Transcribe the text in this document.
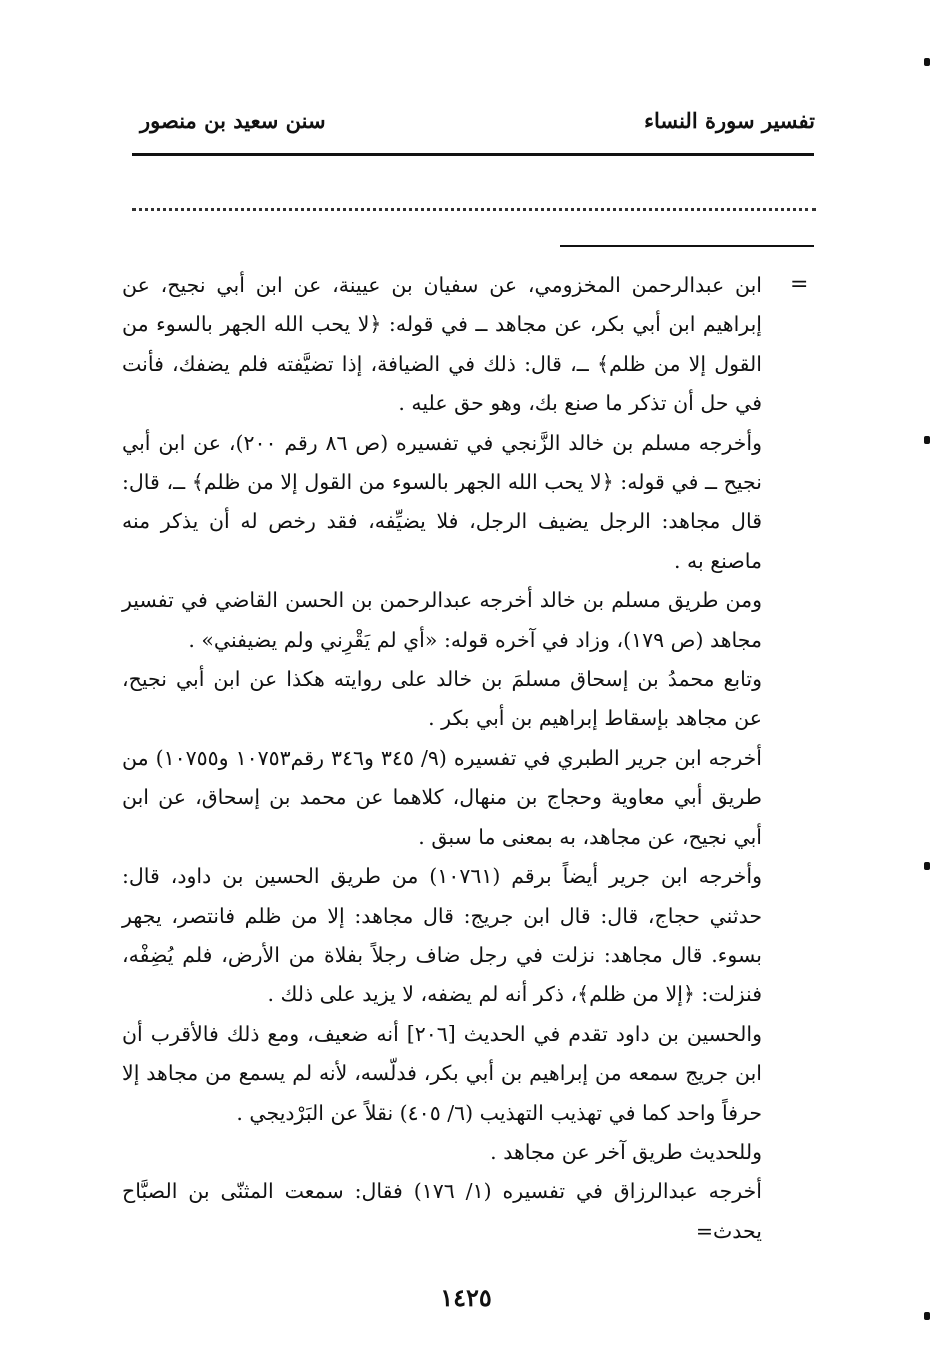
تفسير سورة النساء
سنن سعيد بن منصور
=

ابن عبدالرحمن المخزومي، عن سفيان بن عيينة، عن ابن أبي نجيح، عن إبراهيم ابن أبي بكر، عن مجاهد ــ في قوله: ﴿لا يحب الله الجهر بالسوء من القول إلا من ظلم﴾ ــ، قال: ذلك في الضيافة، إذا تضيَّفته فلم يضفك، فأنت في حل أن تذكر ما صنع بك، وهو حق عليه .

وأخرجه مسلم بن خالد الزَّنجي في تفسيره (ص ٨٦ رقم ٢٠٠)، عن ابن أبي نجيح ــ في قوله: ﴿لا يحب الله الجهر بالسوء من القول إلا من ظلم﴾ ــ، قال: قال مجاهد: الرجل يضيف الرجل، فلا يضيِّفه، فقد رخص له أن يذكر منه ماصنع به .

ومن طريق مسلم بن خالد أخرجه عبدالرحمن بن الحسن القاضي في تفسير مجاهد (ص ١٧٩)، وزاد في آخره قوله: «أي لم يَقْرِني ولم يضيفني» .

وتابع محمدُ بن إسحاق مسلمَ بن خالد على روايته هكذا عن ابن أبي نجيح، عن مجاهد بإسقاط إبراهيم بن أبي بكر .

أخرجه ابن جرير الطبري في تفسيره (٩/ ٣٤٥ و٣٤٦ رقم١٠٧٥٣ و١٠٧٥٥) من طريق أبي معاوية وحجاج بن منهال، كلاهما عن محمد بن إسحاق، عن ابن أبي نجيح، عن مجاهد، به بمعنى ما سبق .

وأخرجه ابن جرير أيضاً برقم (١٠٧٦١) من طريق الحسين بن داود، قال: حدثني حجاج، قال: قال ابن جريج: قال مجاهد: إلا من ظلم فانتصر، يجهر بسوء. قال مجاهد: نزلت في رجل ضاف رجلاً بفلاة من الأرض، فلم يُضِفْه، فنزلت: ﴿إلا من ظلم﴾، ذكر أنه لم يضفه، لا يزيد على ذلك .

والحسين بن داود تقدم في الحديث [٢٠٦] أنه ضعيف، ومع ذلك فالأقرب أن ابن جريج سمعه من إبراهيم بن أبي بكر، فدلّسه، لأنه لم يسمع من مجاهد إلا حرفاً واحد كما في تهذيب التهذيب (٦/ ٤٠٥) نقلاً عن البَرْديجي .

وللحديث طريق آخر عن مجاهد .

أخرجه عبدالرزاق في تفسيره (١/ ١٧٦) فقال: سمعت المثنّى بن الصبَّاح يحدث=

١٤٢٥
